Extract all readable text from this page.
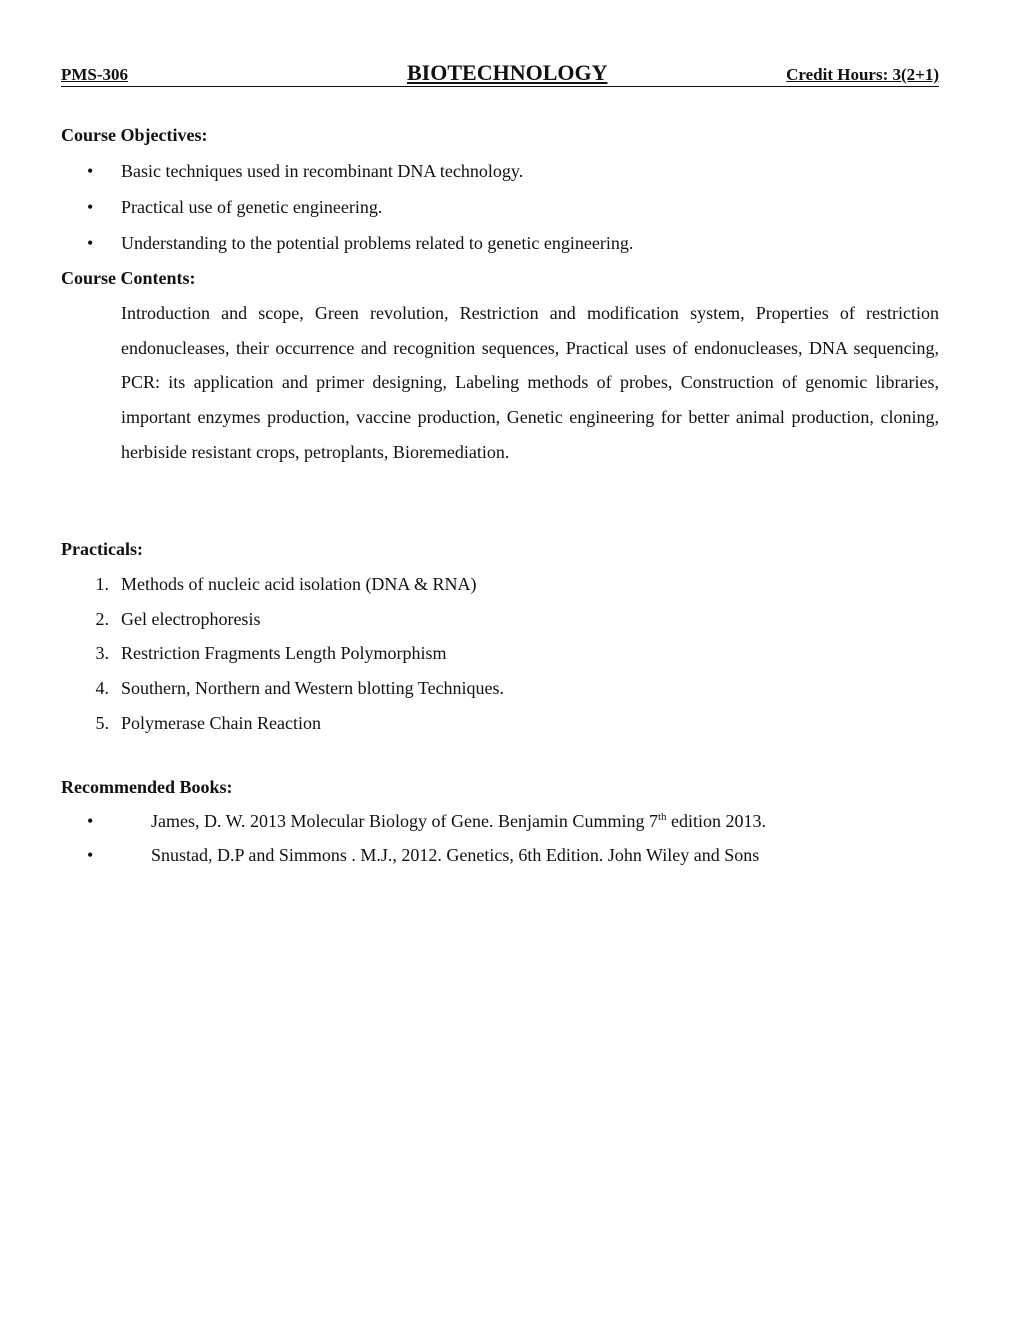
PMS-306	BIOTECHNOLOGY	Credit Hours: 3(2+1)
Course Objectives:
• Basic techniques used in recombinant DNA technology.
• Practical use of genetic engineering.
• Understanding to the potential problems related to genetic engineering.
Course Contents:
Introduction and scope, Green revolution, Restriction and modification system, Properties of restriction endonucleases, their occurrence and recognition sequences, Practical uses of endonucleases, DNA sequencing, PCR: its application and primer designing, Labeling methods of probes, Construction of genomic libraries, important enzymes production, vaccine production, Genetic engineering for better animal production, cloning, herbiside resistant crops, petroplants, Bioremediation.
Practicals:
1. Methods of nucleic acid isolation (DNA & RNA)
2. Gel electrophoresis
3. Restriction Fragments Length Polymorphism
4. Southern, Northern and Western blotting Techniques.
5. Polymerase Chain Reaction
Recommended Books:
•	James, D. W. 2013 Molecular Biology of Gene. Benjamin Cumming 7th edition 2013.
•	Snustad, D.P and Simmons . M.J., 2012. Genetics, 6th Edition. John Wiley and Sons
